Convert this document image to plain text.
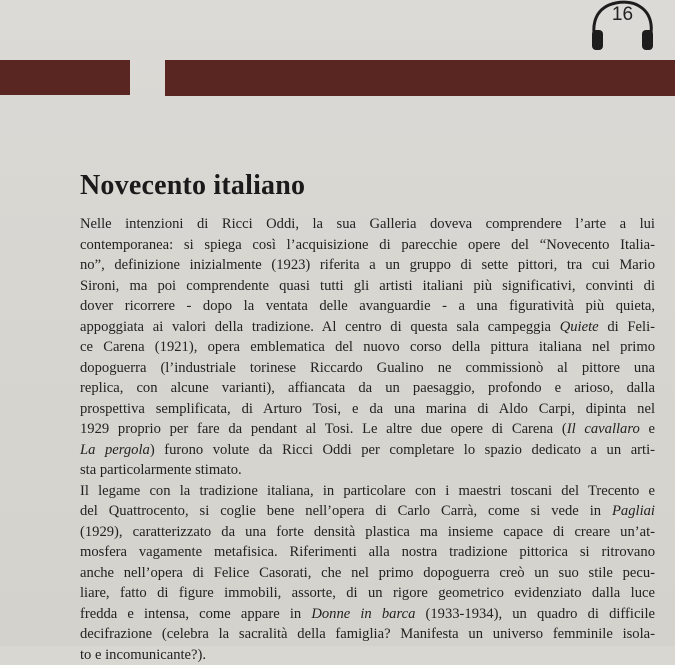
16
Novecento italiano
Nelle intenzioni di Ricci Oddi, la sua Galleria doveva comprendere l’arte a lui
contemporanea: si spiega così l’acquisizione di parecchie opere del “Novecento Italia-
no”, definizione inizialmente (1923) riferita a un gruppo di sette pittori, tra cui Mario
Sironi, ma poi comprendente quasi tutti gli artisti italiani più significativi, convinti di
dover ricorrere - dopo la ventata delle avanguardie - a una figuratività più quieta,
appoggiata ai valori della tradizione. Al centro di questa sala campeggia Quiete di Feli-
ce Carena (1921), opera emblematica del nuovo corso della pittura italiana nel primo
dopoguerra (l’industriale torinese Riccardo Gualino ne commissionò al pittore una
replica, con alcune varianti), affiancata da un paesaggio, profondo e arioso, dalla
prospettiva semplificata, di Arturo Tosi, e da una marina di Aldo Carpi, dipinta nel
1929 proprio per fare da pendant al Tosi. Le altre due opere di Carena (Il cavallaro e
La pergola) furono volute da Ricci Oddi per completare lo spazio dedicato a un arti-
sta particolarmente stimato.
Il legame con la tradizione italiana, in particolare con i maestri toscani del Trecento e
del Quattrocento, si coglie bene nell’opera di Carlo Carrà, come si vede in Pagliai
(1929), caratterizzato da una forte densità plastica ma insieme capace di creare un’at-
mosfera vagamente metafisica. Riferimenti alla nostra tradizione pittorica si ritrovano
anche nell’opera di Felice Casorati, che nel primo dopoguerra creò un suo stile pecu-
liare, fatto di figure immobili, assorte, di un rigore geometrico evidenziato dalla luce
fredda e intensa, come appare in Donne in barca (1933-1934), un quadro di difficile
decifrazione (celebra la sacralità della famiglia? Manifesta un universo femminile isola-
to e incomunicante?).
